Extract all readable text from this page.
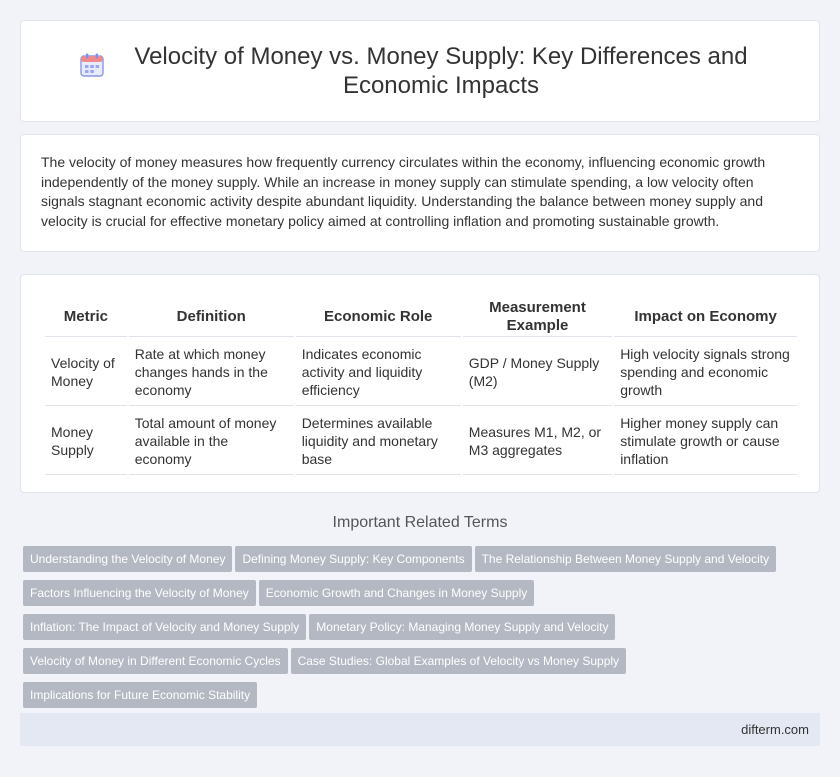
Velocity of Money vs. Money Supply: Key Differences and Economic Impacts

The velocity of money measures how frequently currency circulates within the economy, influencing economic growth independently of the money supply. While an increase in money supply can stimulate spending, a low velocity often signals stagnant economic activity despite abundant liquidity. Understanding the balance between money supply and velocity is crucial for effective monetary policy aimed at controlling inflation and promoting sustainable growth.

Metric	Definition	Economic Role	Measurement Example	Impact on Economy
Velocity of Money	Rate at which money changes hands in the economy	Indicates economic activity and liquidity efficiency	GDP / Money Supply (M2)	High velocity signals strong spending and economic growth
Money Supply	Total amount of money available in the economy	Determines available liquidity and monetary base	Measures M1, M2, or M3 aggregates	Higher money supply can stimulate growth or cause inflation
Important Related Terms
Understanding the Velocity of Money Defining Money Supply: Key Components The Relationship Between Money Supply and Velocity
Factors Influencing the Velocity of Money Economic Growth and Changes in Money Supply
Inflation: The Impact of Velocity and Money Supply Monetary Policy: Managing Money Supply and Velocity
Velocity of Money in Different Economic Cycles Case Studies: Global Examples of Velocity vs Money Supply
Implications for Future Economic Stability
difterm.com
